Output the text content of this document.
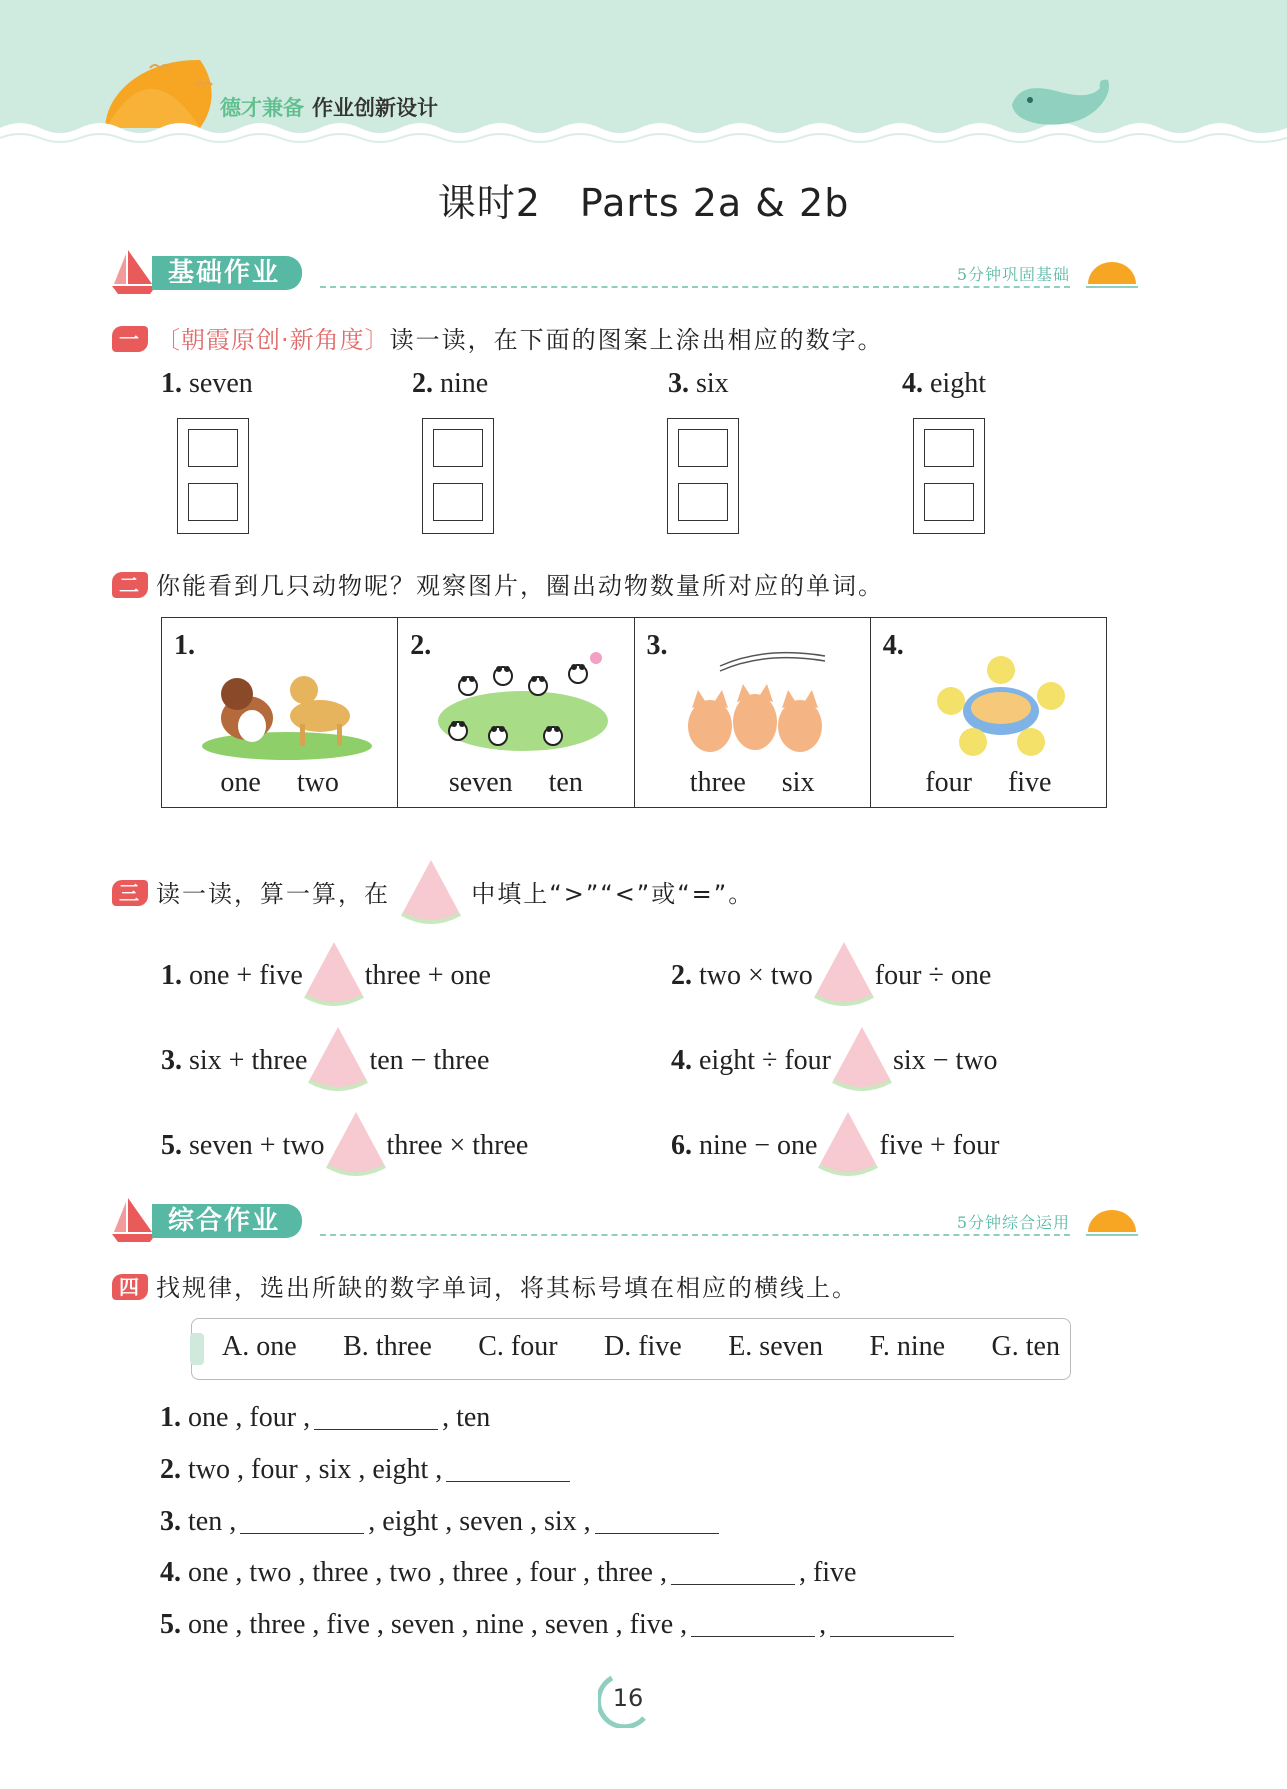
德才兼备 作业创新设计
课时2　Parts 2a & 2b
基础作业	5分钟巩固基础
一 〔朝霞原创·新角度〕读一读，在下面的图案上涂出相应的数字。
1. seven	2. nine	3. six	4. eight
二 你能看到几只动物呢？观察图片，圈出动物数量所对应的单词。
1.
one two
2.
seven ten
3.
three six
4.
four five
三 读一读，算一算，在	中填上“>”“<”或“=”。
1. one + five three + one	2. two × two four ÷ one
3. six + three ten − three	4. eight ÷ four six − two
5. seven + two three × three	6. nine − one five + four
综合作业	5分钟综合运用
四 找规律，选出所缺的数字单词，将其标号填在相应的横线上。
A. one B. three C. four D. five E. seven F. nine G. ten
1. one , four ,	, ten
2. two , four , six , eight ,
3. ten ,	, eight , seven , six ,
4. one , two , three , two , three , four , three ,	, five
5. one , three , five , seven , nine , seven , five ,	,
16
